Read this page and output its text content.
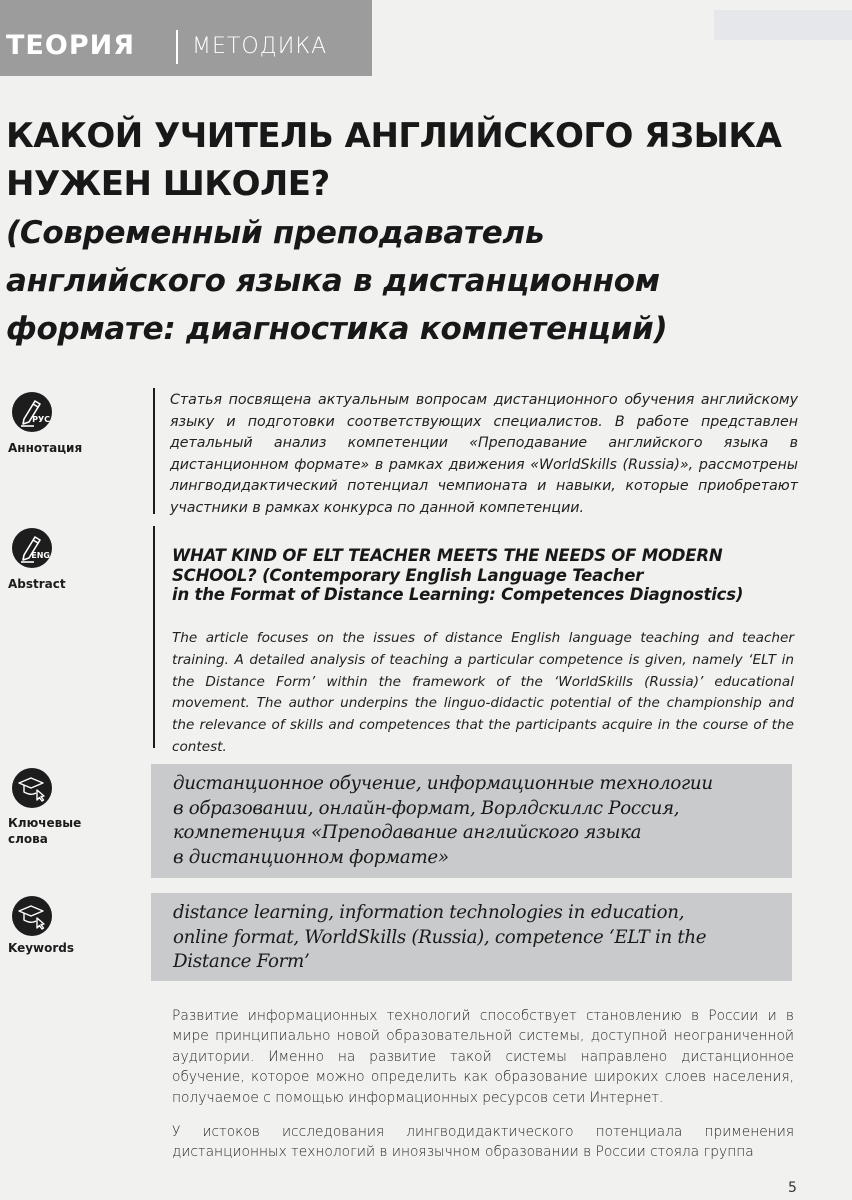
ТЕОРИЯ	МЕТОДИКА
КАКОЙ УЧИТЕЛЬ АНГЛИЙСКОГО ЯЗЫКА
НУЖЕН ШКОЛЕ?
(Современный преподаватель
английского языка в дистанционном
формате: диагностика компетенций)
РУС
Аннотация
Статья посвящена актуальным вопросам дистанционного обучения английскому языку и подготовки соответствующих специалистов. В работе представлен детальный анализ компетенции «Преподавание английского языка в дистанционном формате» в рамках движения «WorldSkills (Russia)», рассмотрены лингводидактический потенциал чемпионата и навыки, которые приобретают участники в рамках конкурса по данной компетенции.
ENG
Abstract
WHAT KIND OF ELT TEACHER MEETS THE NEEDS OF MODERN
SCHOOL? (Contemporary English Language Teacher
in the Format of Distance Learning: Competences Diagnostics)
The article focuses on the issues of distance English language teaching and teacher training. A detailed analysis of teaching a particular competence is given, namely ‘ELT in the Distance Form’ within the framework of the ‘WorldSkills (Russia)’ educational movement. The author underpins the linguo-didactic potential of the championship and the relevance of skills and competences that the participants acquire in the course of the contest.
Ключевые
слова
дистанционное обучение, информационные технологии
в образовании, онлайн-формат, Ворлдскиллс Россия,
компетенция «Преподавание английского языка
в дистанционном формате»
Keywords
distance learning, information technologies in education,
online format, WorldSkills (Russia), competence ‘ELT in the
Distance Form’
Развитие информационных технологий способствует становлению в России и в мире принципиально новой образовательной системы, доступной неограниченной аудитории. Именно на развитие такой системы направлено дистанционное обучение, которое можно определить как образование широких слоев населения, получаемое с помощью информационных ресурсов сети Интернет.
У истоков исследования лингводидактического потенциала применения дистанционных технологий в иноязычном образовании в России стояла группа
5
